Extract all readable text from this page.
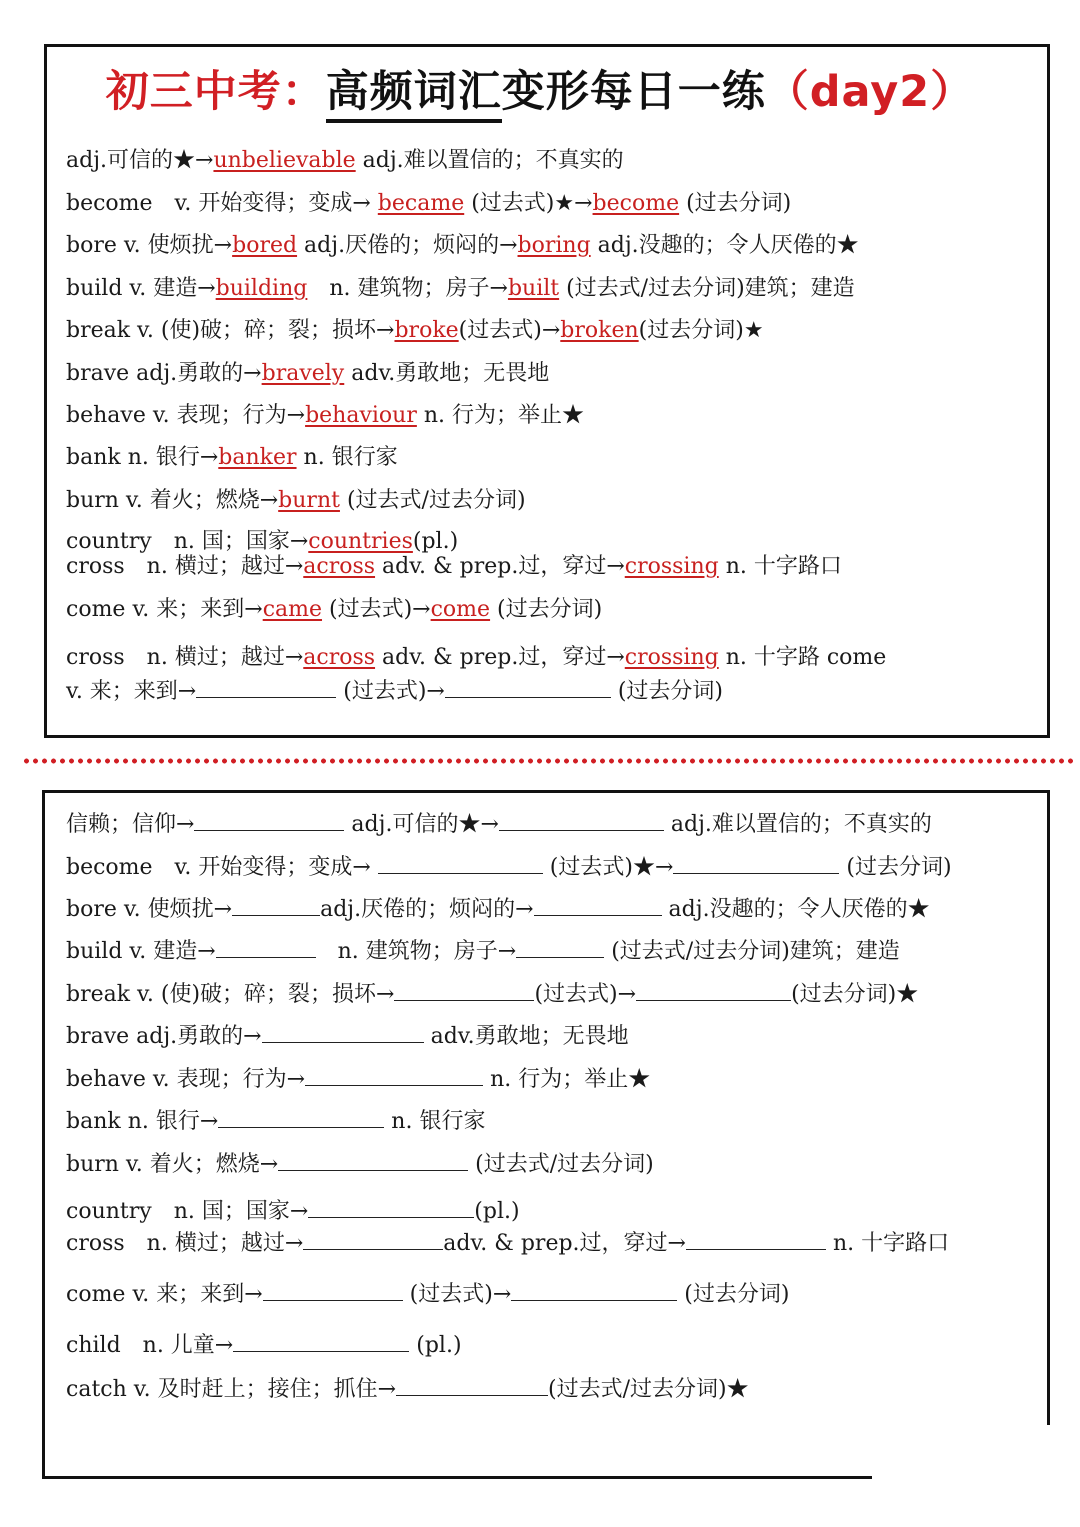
初三中考：高频词汇变形每日一练（day2）
adj.可信的★→unbelievable adj.难以置信的；不真实的
become　v. 开始变得；变成→ became (过去式)★→become (过去分词)
bore v. 使烦扰→bored adj.厌倦的；烦闷的→boring adj.没趣的；令人厌倦的★
build v. 建造→building　n. 建筑物；房子→built (过去式/过去分词)建筑；建造
break v. (使)破；碎；裂；损坏→broke(过去式)→broken(过去分词)★
brave adj.勇敢的→bravely adv.勇敢地；无畏地
behave v. 表现；行为→behaviour n. 行为；举止★
bank n. 银行→banker n. 银行家
burn v. 着火；燃烧→burnt (过去式/过去分词)
country　n. 国；国家→countries(pl.)
cross　n. 横过；越过→across adv. & prep.过，穿过→crossing n. 十字路口
come v. 来；来到→came (过去式)→come (过去分词)
cross　n. 横过；越过→across adv. & prep.过，穿过→crossing n. 十字路 come
v. 来；来到→	(过去式)→	(过去分词)
信赖；信仰→	adj.可信的★→	adj.难以置信的；不真实的
become　v. 开始变得；变成→	(过去式)★→	(过去分词)
bore v. 使烦扰→	adj.厌倦的；烦闷的→	adj.没趣的；令人厌倦的★
build v. 建造→	　n. 建筑物；房子→	(过去式/过去分词)建筑；建造
break v. (使)破；碎；裂；损坏→	(过去式)→	(过去分词)★
brave adj.勇敢的→	adv.勇敢地；无畏地
behave v. 表现；行为→	n. 行为；举止★
bank n. 银行→	n. 银行家
burn v. 着火；燃烧→	(过去式/过去分词)
country　n. 国；国家→	(pl.)
cross　n. 横过；越过→	adv. & prep.过，穿过→	n. 十字路口
come v. 来；来到→	(过去式)→	(过去分词)
child　n. 儿童→	(pl.)
catch v. 及时赶上；接住；抓住→	(过去式/过去分词)★
